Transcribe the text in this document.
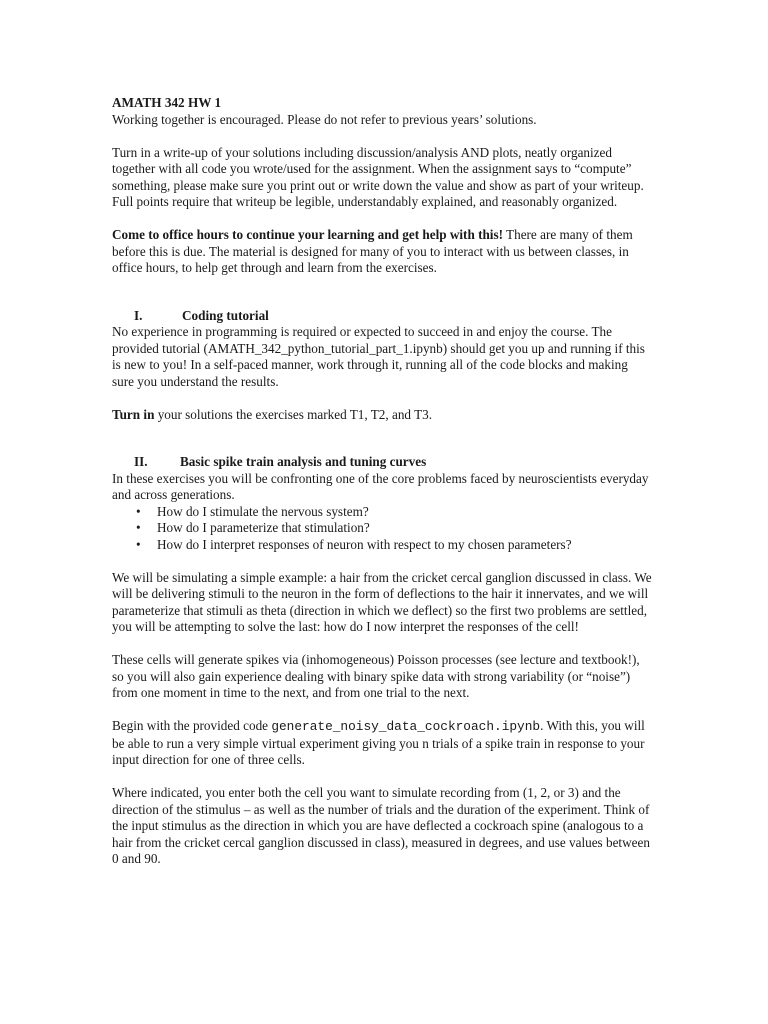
AMATH 342 HW 1

Working together is encouraged. Please do not refer to previous years’ solutions.

Turn in a write-up of your solutions including discussion/analysis AND plots, neatly organized together with all code you wrote/used for the assignment. When the assignment says to “compute” something, please make sure you print out or write down the value and show as part of your writeup. Full points require that writeup be legible, understandably explained, and reasonably organized.

Come to office hours to continue your learning and get help with this! There are many of them before this is due. The material is designed for many of you to interact with us between classes, in office hours, to help get through and learn from the exercises.

I.	Coding tutorial

No experience in programming is required or expected to succeed in and enjoy the course. The provided tutorial (AMATH_342_python_tutorial_part_1.ipynb) should get you up and running if this is new to you! In a self-paced manner, work through it, running all of the code blocks and making sure you understand the results.

Turn in your solutions the exercises marked T1, T2, and T3.

II.	Basic spike train analysis and tuning curves

In these exercises you will be confronting one of the core problems faced by neuroscientists everyday and across generations.

• How do I stimulate the nervous system?
• How do I parameterize that stimulation?
• How do I interpret responses of neuron with respect to my chosen parameters?

We will be simulating a simple example: a hair from the cricket cercal ganglion discussed in class. We will be delivering stimuli to the neuron in the form of deflections to the hair it innervates, and we will parameterize that stimuli as theta (direction in which we deflect) so the first two problems are settled, you will be attempting to solve the last: how do I now interpret the responses of the cell!

These cells will generate spikes via (inhomogeneous) Poisson processes (see lecture and textbook!), so you will also gain experience dealing with binary spike data with strong variability (or “noise”) from one moment in time to the next, and from one trial to the next.

Begin with the provided code generate_noisy_data_cockroach.ipynb. With this, you will be able to run a very simple virtual experiment giving you n trials of a spike train in response to your input direction for one of three cells.

Where indicated, you enter both the cell you want to simulate recording from (1, 2, or 3) and the direction of the stimulus – as well as the number of trials and the duration of the experiment. Think of the input stimulus as the direction in which you are have deflected a cockroach spine (analogous to a hair from the cricket cercal ganglion discussed in class), measured in degrees, and use values between 0 and 90.
